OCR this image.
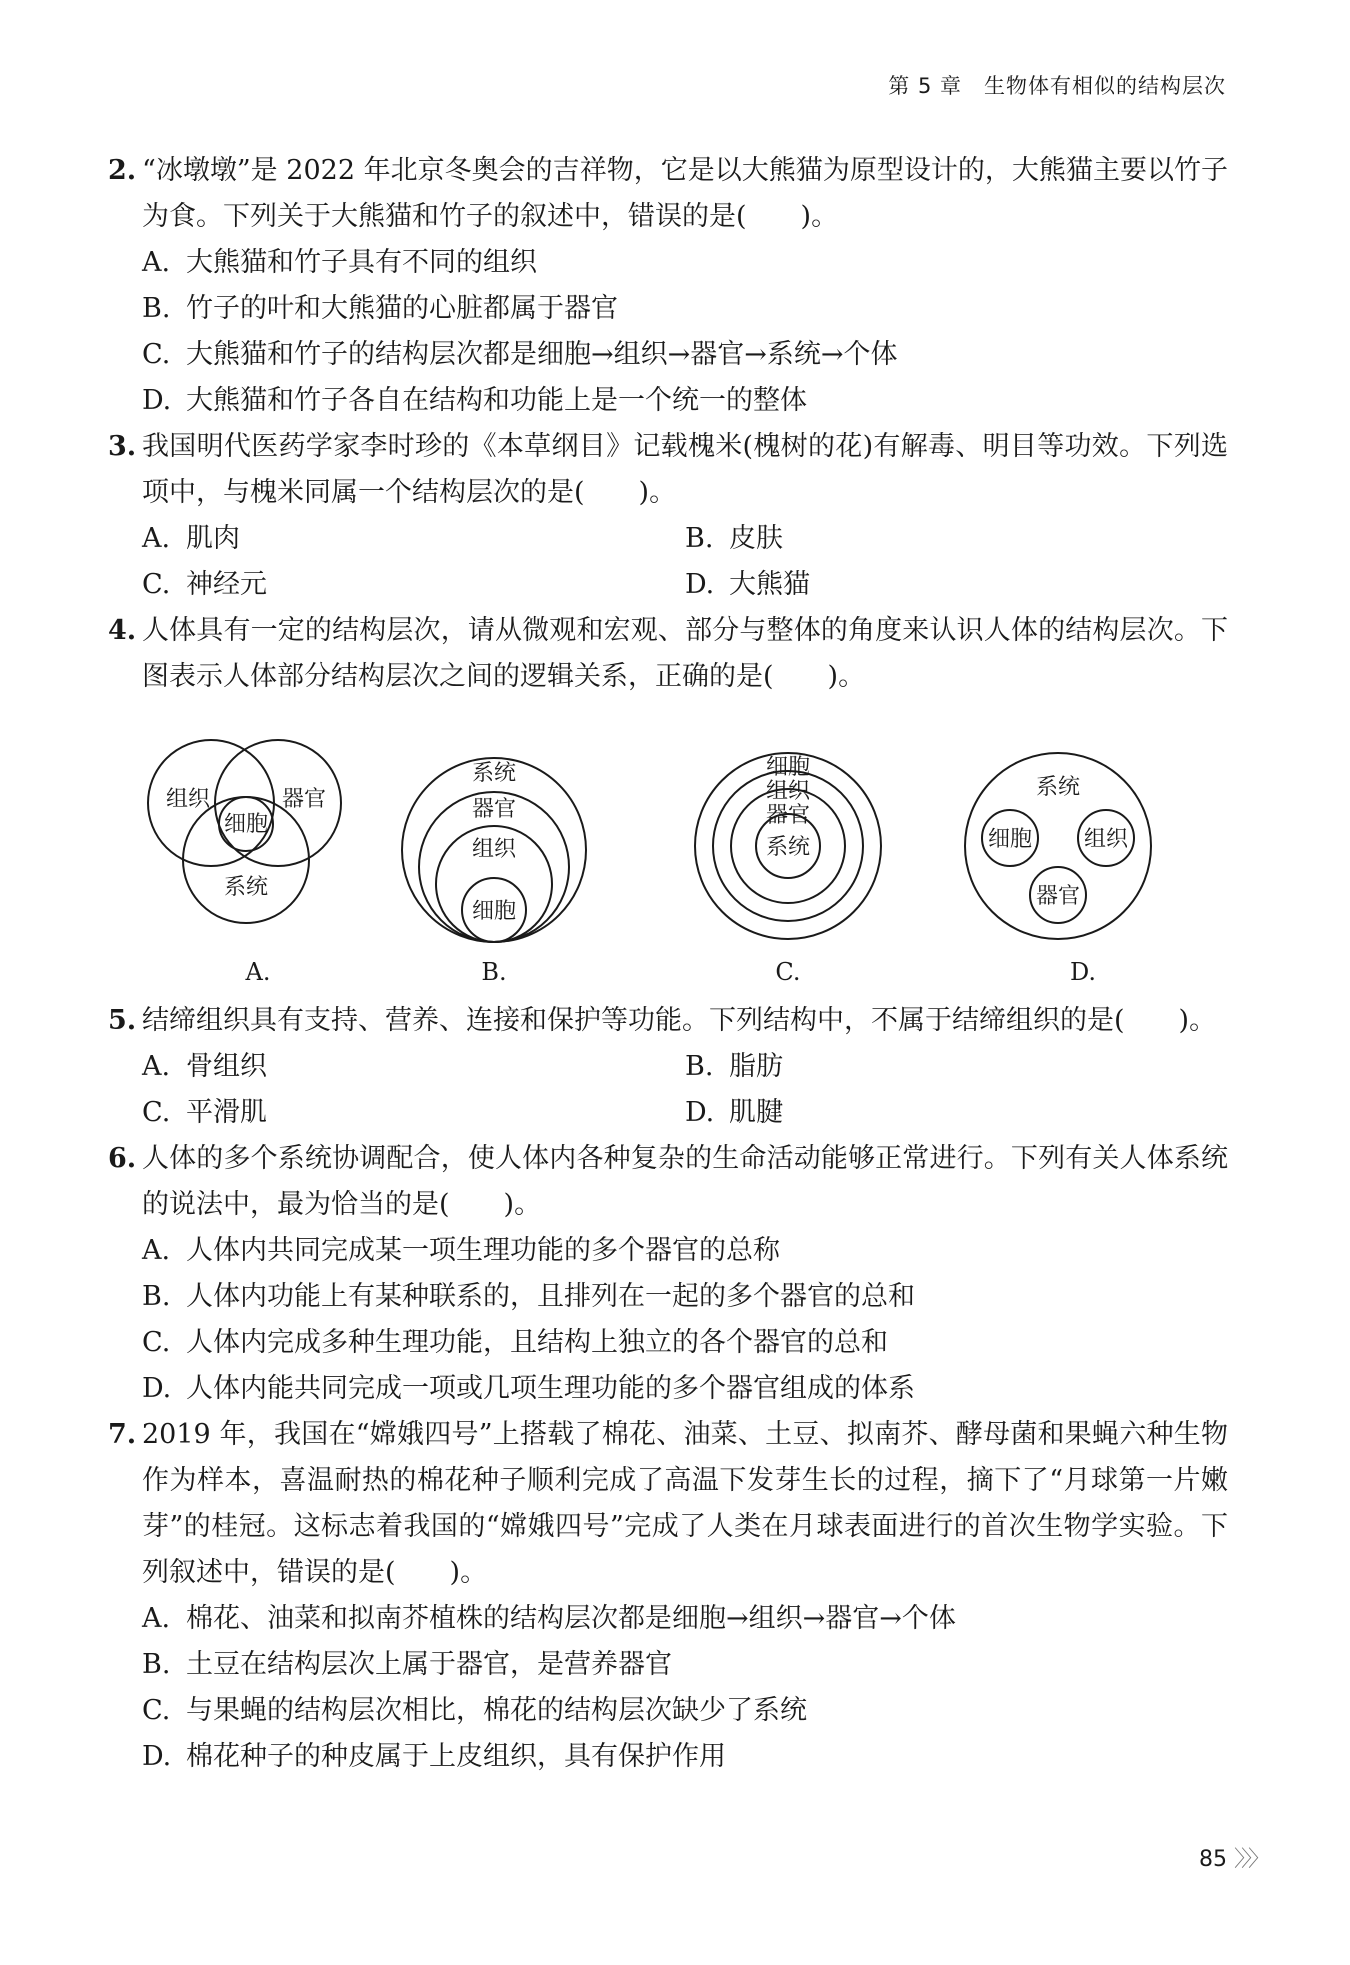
第 5 章　生物体有相似的结构层次
2. “冰墩墩”是 2022 年北京冬奥会的吉祥物，它是以大熊猫为原型设计的，大熊猫主要以竹子为食。下列关于大熊猫和竹子的叙述中，错误的是(　　)。
A. 大熊猫和竹子具有不同的组织
B. 竹子的叶和大熊猫的心脏都属于器官
C. 大熊猫和竹子的结构层次都是细胞→组织→器官→系统→个体
D. 大熊猫和竹子各自在结构和功能上是一个统一的整体
3. 我国明代医药学家李时珍的《本草纲目》记载槐米(槐树的花)有解毒、明目等功效。下列选项中，与槐米同属一个结构层次的是(　　)。
A. 肌肉	B. 皮肤
C. 神经元	D. 大熊猫
4. 人体具有一定的结构层次，请从微观和宏观、部分与整体的角度来认识人体的结构层次。下图表示人体部分结构层次之间的逻辑关系，正确的是(　　)。
组织	器官
细胞
系统
系统
器官
组织
细胞
细胞
组织
器官
系统
系统
细胞 组织
器官
A.	B.	C.	D.
5. 结缔组织具有支持、营养、连接和保护等功能。下列结构中，不属于结缔组织的是(　　)。
A. 骨组织	B. 脂肪
C. 平滑肌	D. 肌腱
6. 人体的多个系统协调配合，使人体内各种复杂的生命活动能够正常进行。下列有关人体系统的说法中，最为恰当的是(　　)。
A. 人体内共同完成某一项生理功能的多个器官的总称
B. 人体内功能上有某种联系的，且排列在一起的多个器官的总和
C. 人体内完成多种生理功能，且结构上独立的各个器官的总和
D. 人体内能共同完成一项或几项生理功能的多个器官组成的体系
7. 2019 年，我国在“嫦娥四号”上搭载了棉花、油菜、土豆、拟南芥、酵母菌和果蝇六种生物作为样本，喜温耐热的棉花种子顺利完成了高温下发芽生长的过程，摘下了“月球第一片嫩芽”的桂冠。这标志着我国的“嫦娥四号”完成了人类在月球表面进行的首次生物学实验。下列叙述中，错误的是(　　)。
A. 棉花、油菜和拟南芥植株的结构层次都是细胞→组织→器官→个体
B. 土豆在结构层次上属于器官，是营养器官
C. 与果蝇的结构层次相比，棉花的结构层次缺少了系统
D. 棉花种子的种皮属于上皮组织，具有保护作用
85 〉〉〉
